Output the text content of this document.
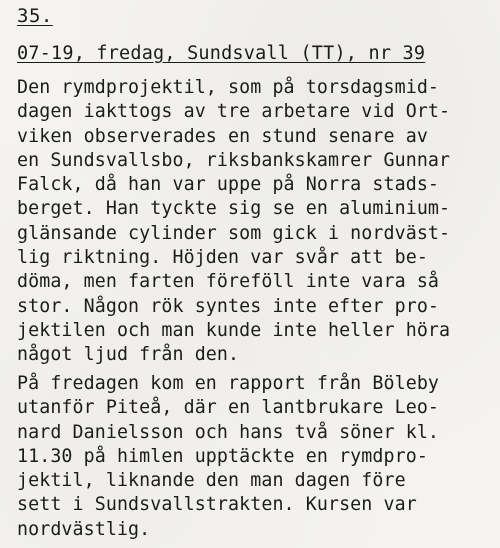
35.
07-19, fredag, Sundsvall (TT), nr 39

Den rymdprojektil, som på torsdagsmid-
dagen iakttogs av tre arbetare vid Ort-
viken observerades en stund senare av
en Sundsvallsbo, riksbankskamrer Gunnar
Falck, då han var uppe på Norra stads-
berget. Han tyckte sig se en aluminium-
glänsande cylinder som gick i nordväst-
lig riktning. Höjden var svår att be-
döma, men farten föreföll inte vara så
stor. Någon rök syntes inte efter pro-
jektilen och man kunde inte heller höra
något ljud från den.

På fredagen kom en rapport från Böleby
utanför Piteå, där en lantbrukare Leo-
nard Danielsson och hans två söner kl.
11.30 på himlen upptäckte en rymdpro-
jektil, liknande den man dagen före
sett i Sundsvallstrakten. Kursen var
nordvästlig.
